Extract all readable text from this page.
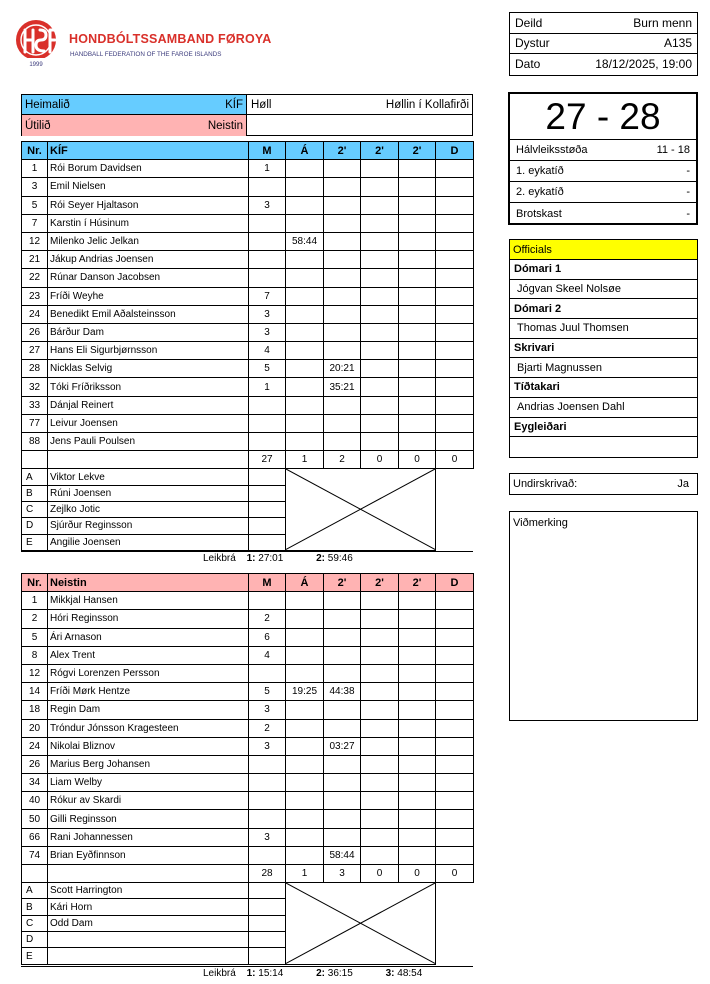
1999
HONDBÓLTSSAMBAND FØROYA
HANDBALL FEDERATION OF THE FAROE ISLANDS
Deild	Burn menn
Dystur	A135
Dato	18/12/2025, 19:00
27 - 28
Hálvleiksstøða	11 - 18
1. eykatíð	-
2. eykatíð	-
Brotskast	-
Officials
Dómari 1
Jógvan Skeel Nolsøe
Dómari 2
Thomas Juul Thomsen
Skrivari
Bjarti Magnussen
Tíðtakari
Andrias Joensen Dahl
Eygleiðari
Undirskrivað:	Ja
Viðmerking
Heimalið	KÍF Høll	Høllin í Kollafirði
Útilið	Neistin
Nr.	KÍF	M	Á	2'	2'	2'	D
1	Rói Borum Davidsen	1					
3	Emil Nielsen						
5	Rói Seyer Hjaltason	3					
7	Karstin í Húsinum						
12	Milenko Jelic Jelkan		58:44				
21	Jákup Andrias Joensen						
22	Rúnar Danson Jacobsen						
23	Fríði Weyhe	7					
24	Benedikt Emil Aðalsteinsson	3					
26	Bárður Dam	3					
27	Hans Eli Sigurbjørnsson	4					
28	Nicklas Selvig	5		20:21			
32	Tóki Fríðriksson	1		35:21			
33	Dánjal Reinert						
77	Leivur Joensen						
88	Jens Pauli Poulsen						
		27	1	2	0	0	0
A	Viktor Lekve		

B	Rúni Joensen						
C	Zejlko Jotic						
D	Sjúrður Reginsson						
E	Angilie Joensen						
Nr.	Neistin	M	Á	2'	2'	2'	D
1	Mikkjal Hansen						
2	Hóri Reginsson	2					
5	Ári Arnason	6					
8	Alex Trent	4					
12	Rógvi Lorenzen Persson						
14	Fríði Mørk Hentze	5	19:25	44:38			
18	Regin Dam	3					
20	Tróndur Jónsson Kragesteen	2					
24	Nikolai Bliznov	3		03:27			
26	Marius Berg Johansen						
34	Liam Welby						
40	Rókur av Skardi						
50	Gilli Reginsson						
66	Rani Johannessen	3					
74	Brian Eyðfinnson			58:44			
		28	1	3	0	0	0
A	Scott Harrington		

B	Kári Horn						
C	Odd Dam						
D							
E							
Leikbrá 1: 27:01	2: 59:46
Leikbrá 1: 15:14	2: 36:15	3: 48:54
